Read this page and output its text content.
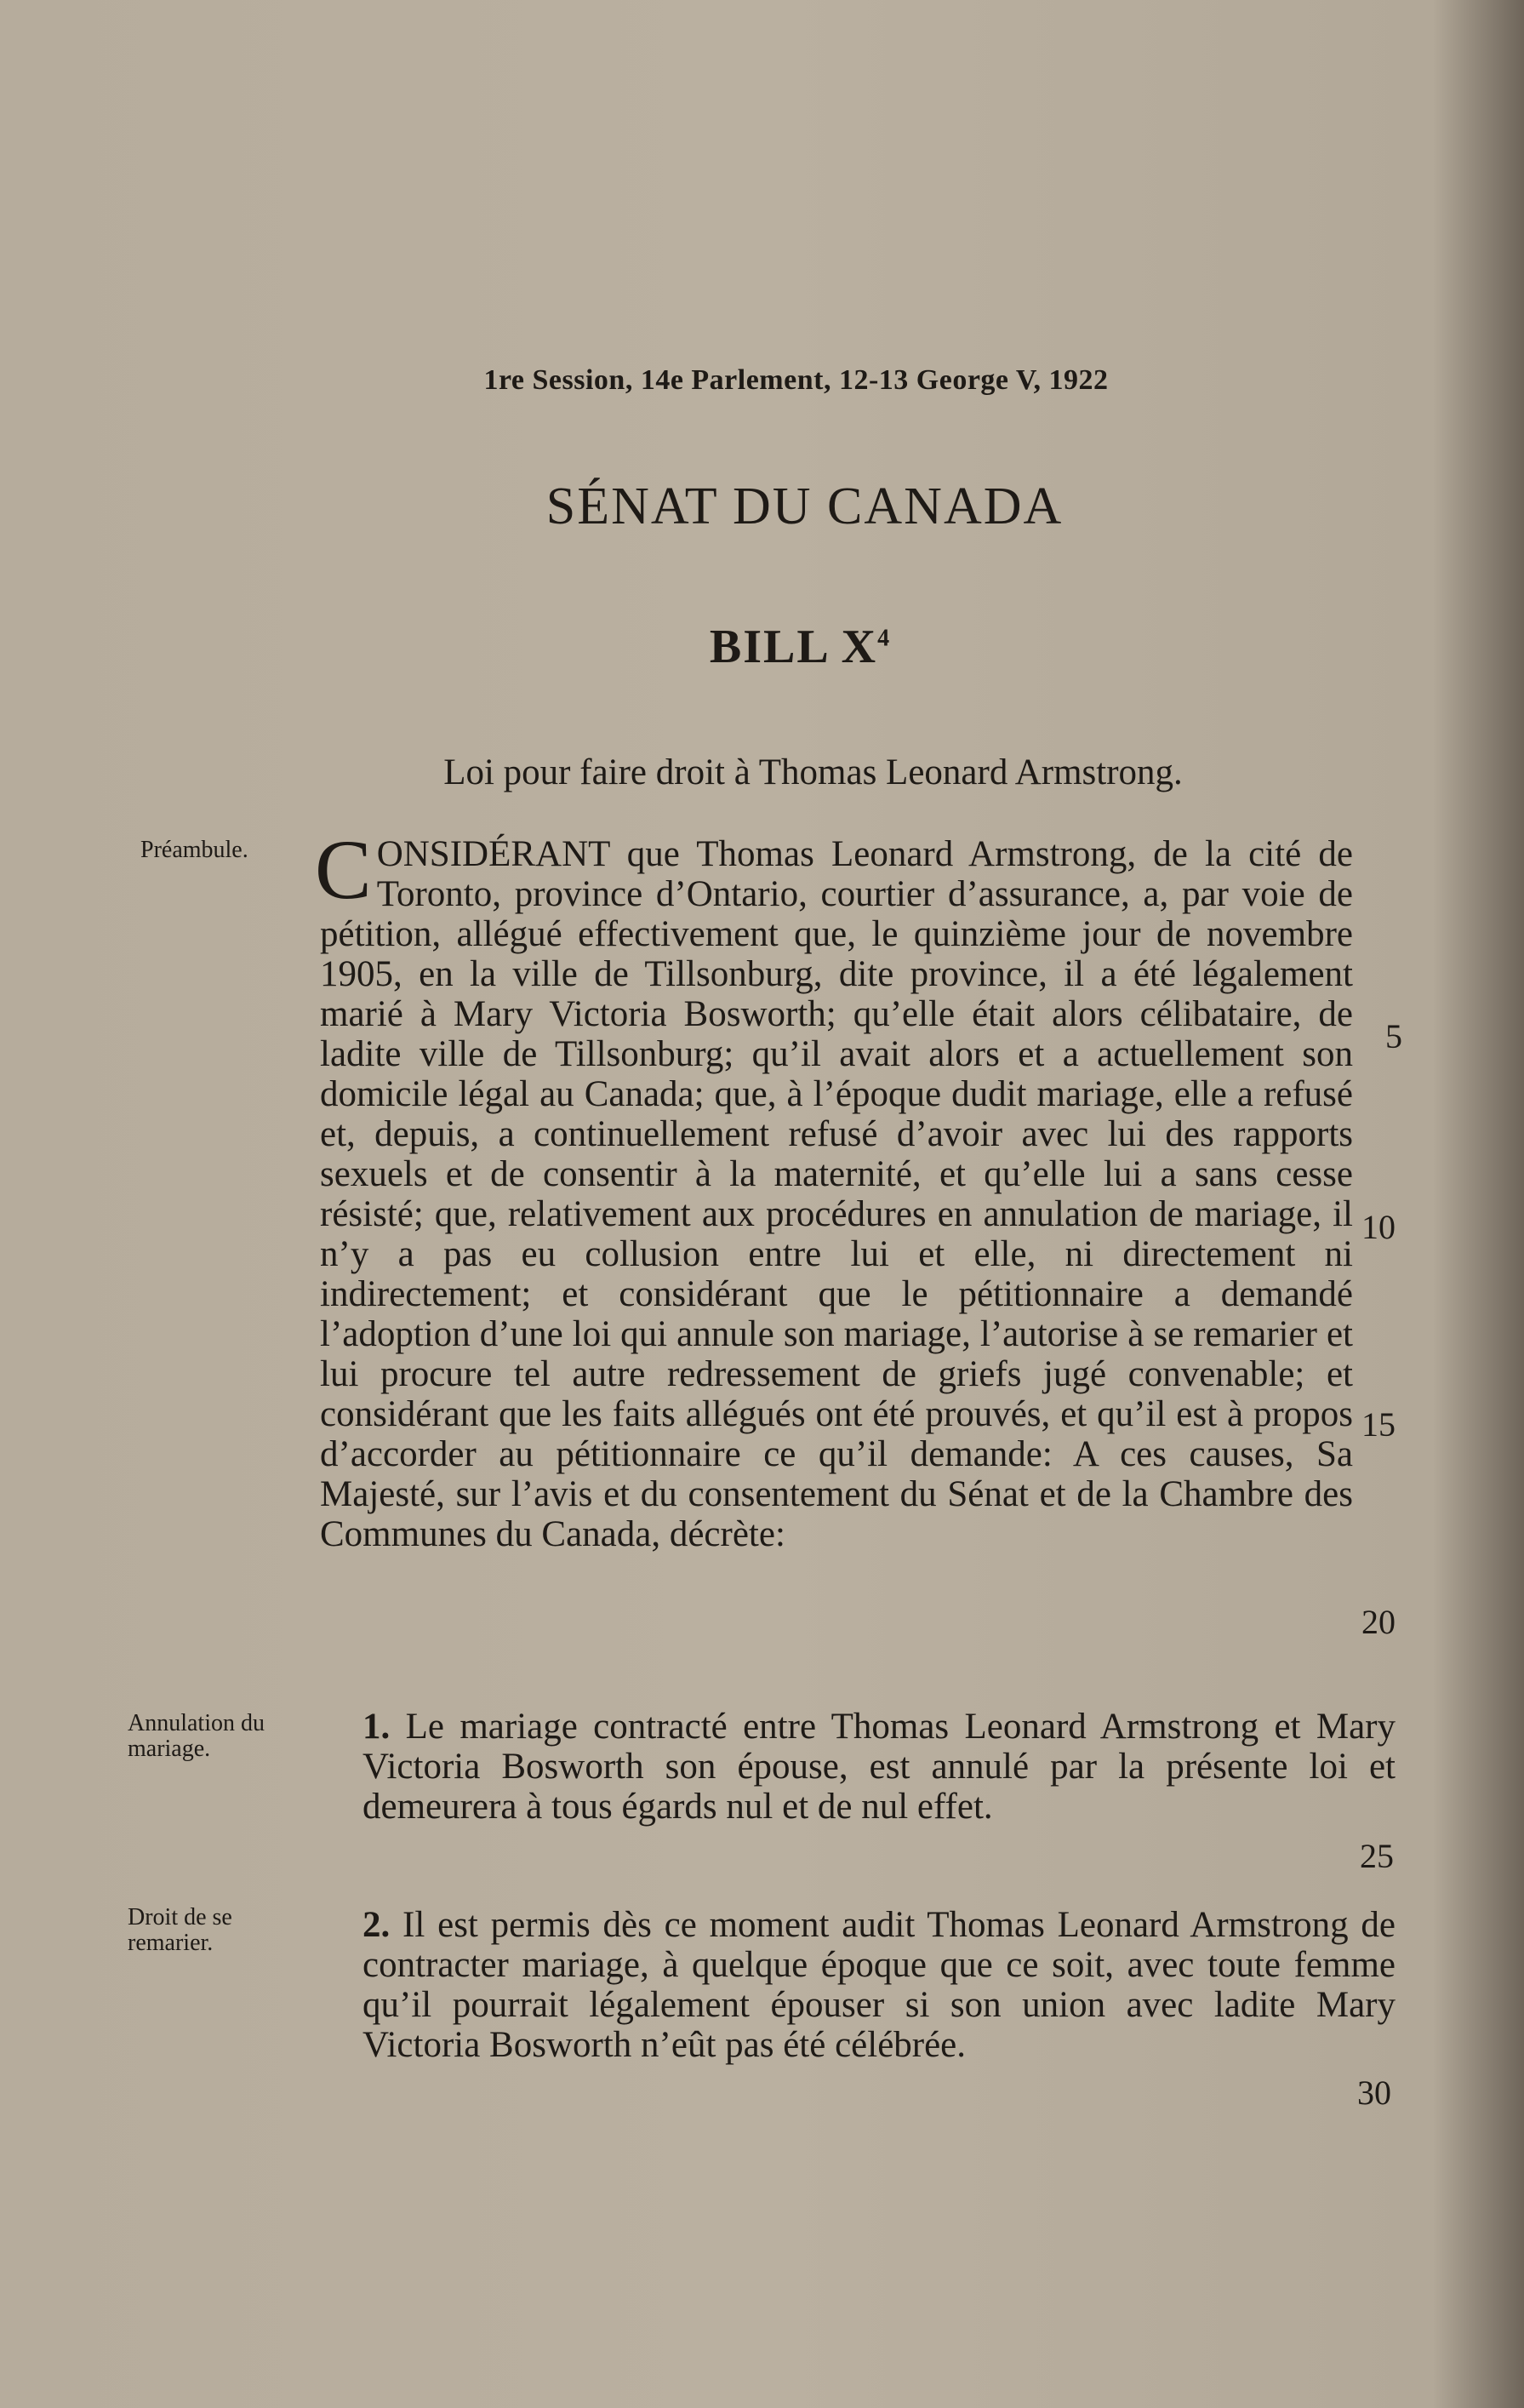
1re Session, 14e Parlement, 12-13 George V, 1922
SÉNAT DU CANADA
BILL $X^4$
Loi pour faire droit à Thomas Leonard Armstrong.
Préambule.
Annulation du mariage.
Droit de se remarier.
CONSIDÉRANT que Thomas Leonard Armstrong, de la cité de Toronto, province d’Ontario, courtier d’assurance, a, par voie de pétition, allégué effectivement que, le quinzième jour de novembre 1905, en la ville de Tillsonburg, dite province, il a été légalement marié à Mary Victoria Bosworth; qu’elle était alors célibataire, de ladite ville de Tillsonburg; qu’il avait alors et a actuellement son domicile légal au Canada; que, à l’époque dudit mariage, elle a refusé et, depuis, a continuellement refusé d’avoir avec lui des rapports sexuels et de consentir à la maternité, et qu’elle lui a sans cesse résisté; que, relativement aux procédures en annulation de mariage, il n’y a pas eu collusion entre lui et elle, ni directement ni indirectement; et considérant que le pétitionnaire a demandé l’adoption d’une loi qui annule son mariage, l’autorise à se remarier et lui procure tel autre redressement de griefs jugé convenable; et considérant que les faits allégués ont été prouvés, et qu’il est à propos d’accorder au pétitionnaire ce qu’il demande: A ces causes, Sa Majesté, sur l’avis et du consentement du Sénat et de la Chambre des Communes du Canada, décrète:
1. Le mariage contracté entre Thomas Leonard Armstrong et Mary Victoria Bosworth son épouse, est annulé par la présente loi et demeurera à tous égards nul et de nul effet.
2. Il est permis dès ce moment audit Thomas Leonard Armstrong de contracter mariage, à quelque époque que ce soit, avec toute femme qu’il pourrait légalement épouser si son union avec ladite Mary Victoria Bosworth n’eût pas été célébrée.
5
10
15
20
25
30
